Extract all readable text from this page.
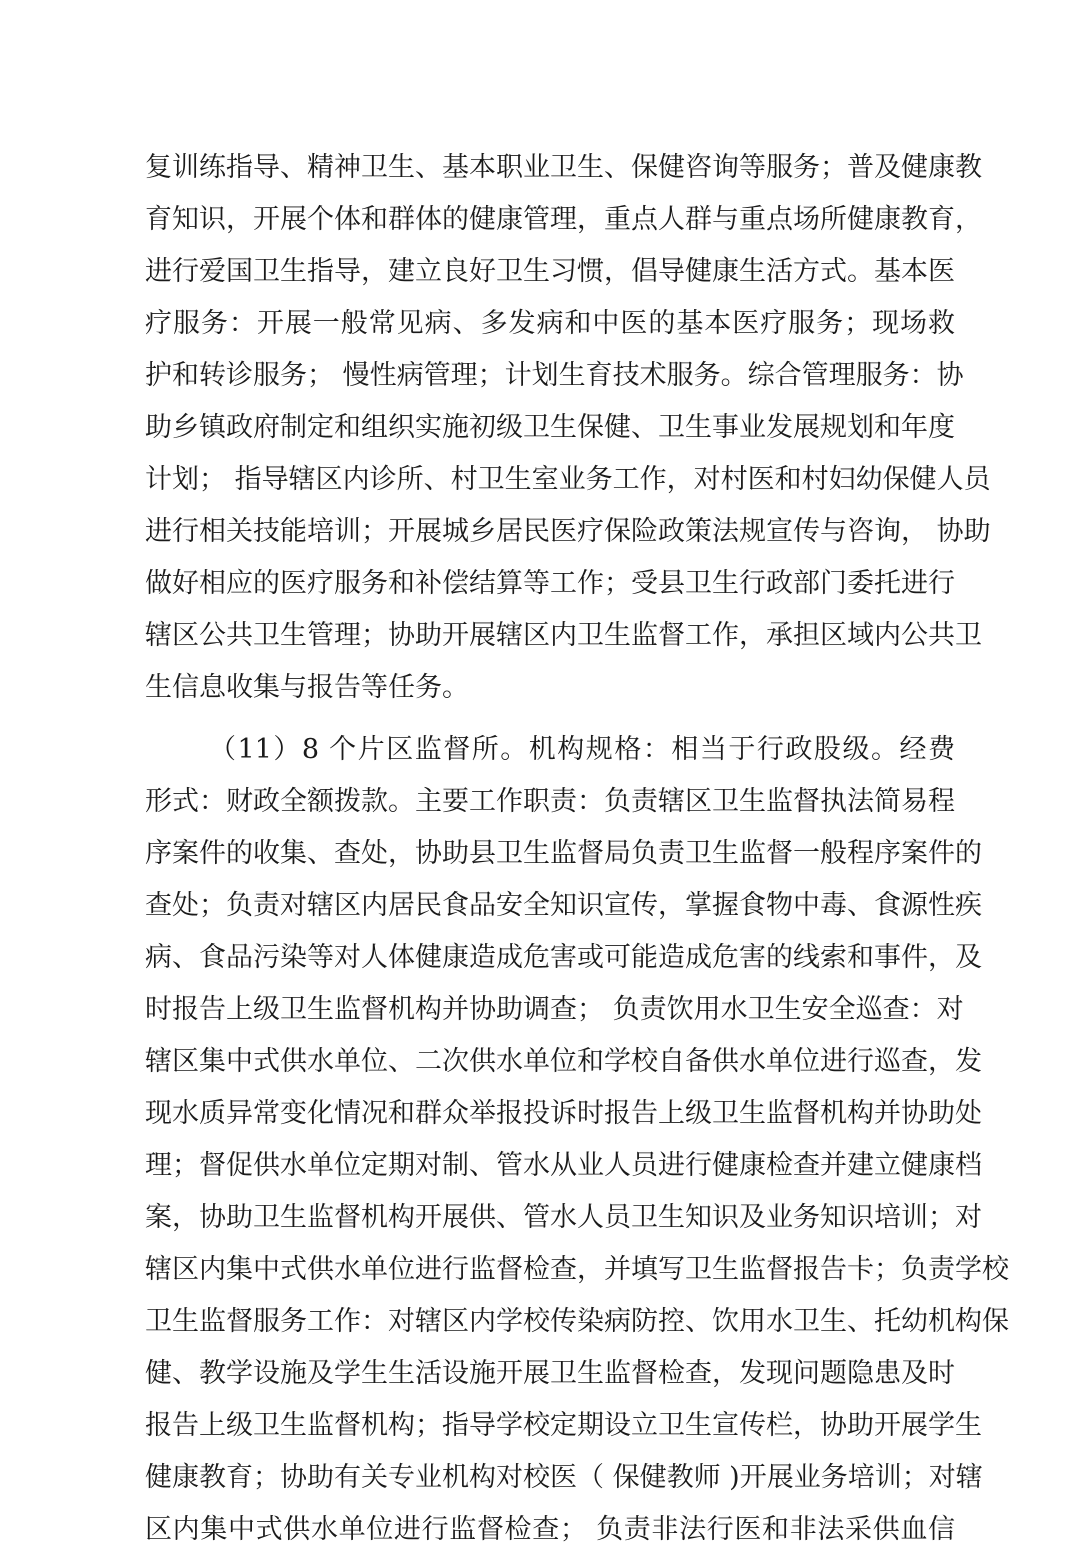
复训练指导、精神卫生、基本职业卫生、保健咨询等服务；普及健康教
育知识，开展个体和群体的健康管理，重点人群与重点场所健康教育，
进行爱国卫生指导，建立良好卫生习惯，倡导健康生活方式。基本医
疗服务：开展一般常见病、多发病和中医的基本医疗服务；现场救
护和转诊服务； 慢性病管理；计划生育技术服务。综合管理服务：协
助乡镇政府制定和组织实施初级卫生保健、卫生事业发展规划和年度
计划； 指导辖区内诊所、村卫生室业务工作，对村医和村妇幼保健人员
进行相关技能培训；开展城乡居民医疗保险政策法规宣传与咨询， 协助
做好相应的医疗服务和补偿结算等工作；受县卫生行政部门委托进行
辖区公共卫生管理；协助开展辖区内卫生监督工作，承担区域内公共卫
生信息收集与报告等任务。
（11）8 个片区监督所。机构规格：相当于行政股级。经费
形式：财政全额拨款。主要工作职责：负责辖区卫生监督执法简易程
序案件的收集、查处，协助县卫生监督局负责卫生监督一般程序案件的
查处；负责对辖区内居民食品安全知识宣传，掌握食物中毒、食源性疾
病、食品污染等对人体健康造成危害或可能造成危害的线索和事件，及
时报告上级卫生监督机构并协助调查； 负责饮用水卫生安全巡查：对
辖区集中式供水单位、二次供水单位和学校自备供水单位进行巡查，发
现水质异常变化情况和群众举报投诉时报告上级卫生监督机构并协助处
理；督促供水单位定期对制、管水从业人员进行健康检查并建立健康档
案，协助卫生监督机构开展供、管水人员卫生知识及业务知识培训；对
辖区内集中式供水单位进行监督检查，并填写卫生监督报告卡；负责学校
卫生监督服务工作：对辖区内学校传染病防控、饮用水卫生、托幼机构保
健、教学设施及学生生活设施开展卫生监督检查，发现问题隐患及时
报告上级卫生监督机构；指导学校定期设立卫生宣传栏，协助开展学生
健康教育；协助有关专业机构对校医（ 保健教师 )开展业务培训；对辖
区内集中式供水单位进行监督检查； 负责非法行医和非法采供血信
